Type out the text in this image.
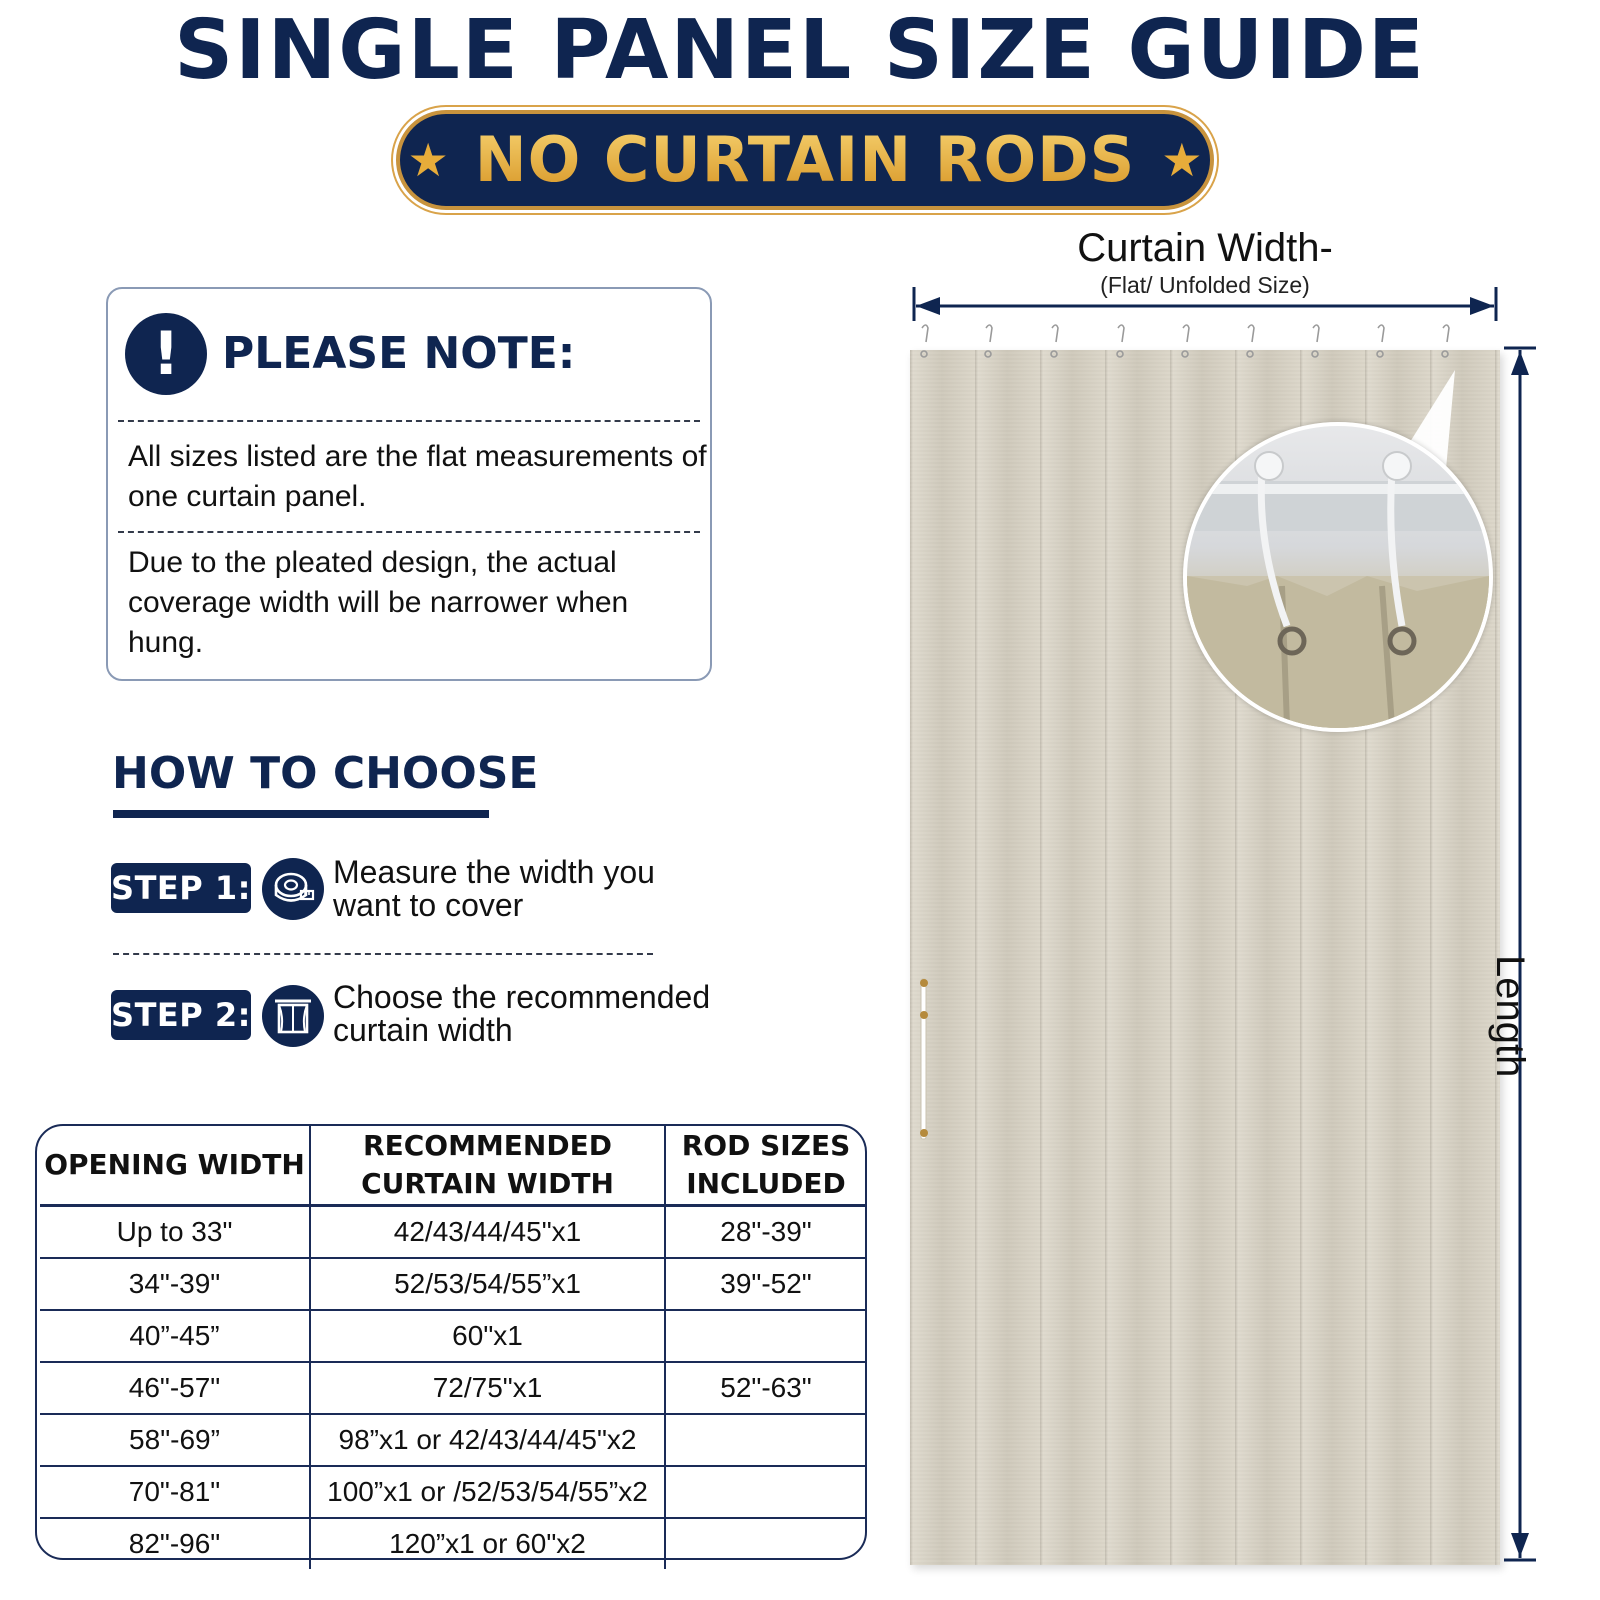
SINGLE PANEL SIZE GUIDE
★ NO CURTAIN RODS ★
! PLEASE NOTE:
All sizes listed are the flat measurements of one curtain panel.
Due to the pleated design, the actual coverage width will be narrower when hung.
HOW TO CHOOSE
STEP 1:	Measure the width you want to cover
STEP 2:	Choose the recommended curtain width
OPENING WIDTH	RECOMMENDED CURTAIN WIDTH	ROD SIZES INCLUDED
Up to 33"	42/43/44/45"x1	28"-39"
34"-39"	52/53/54/55”x1	39"-52"
40”-45”	60"x1	
46"-57"	72/75"x1	52"-63"
58"-69”	98”x1 or 42/43/44/45"x2	
70"-81"	100”x1 or /52/53/54/55”x2	
82"-96"	120”x1 or 60"x2	
Curtain Width-
(Flat/ Unfolded Size)
Length
